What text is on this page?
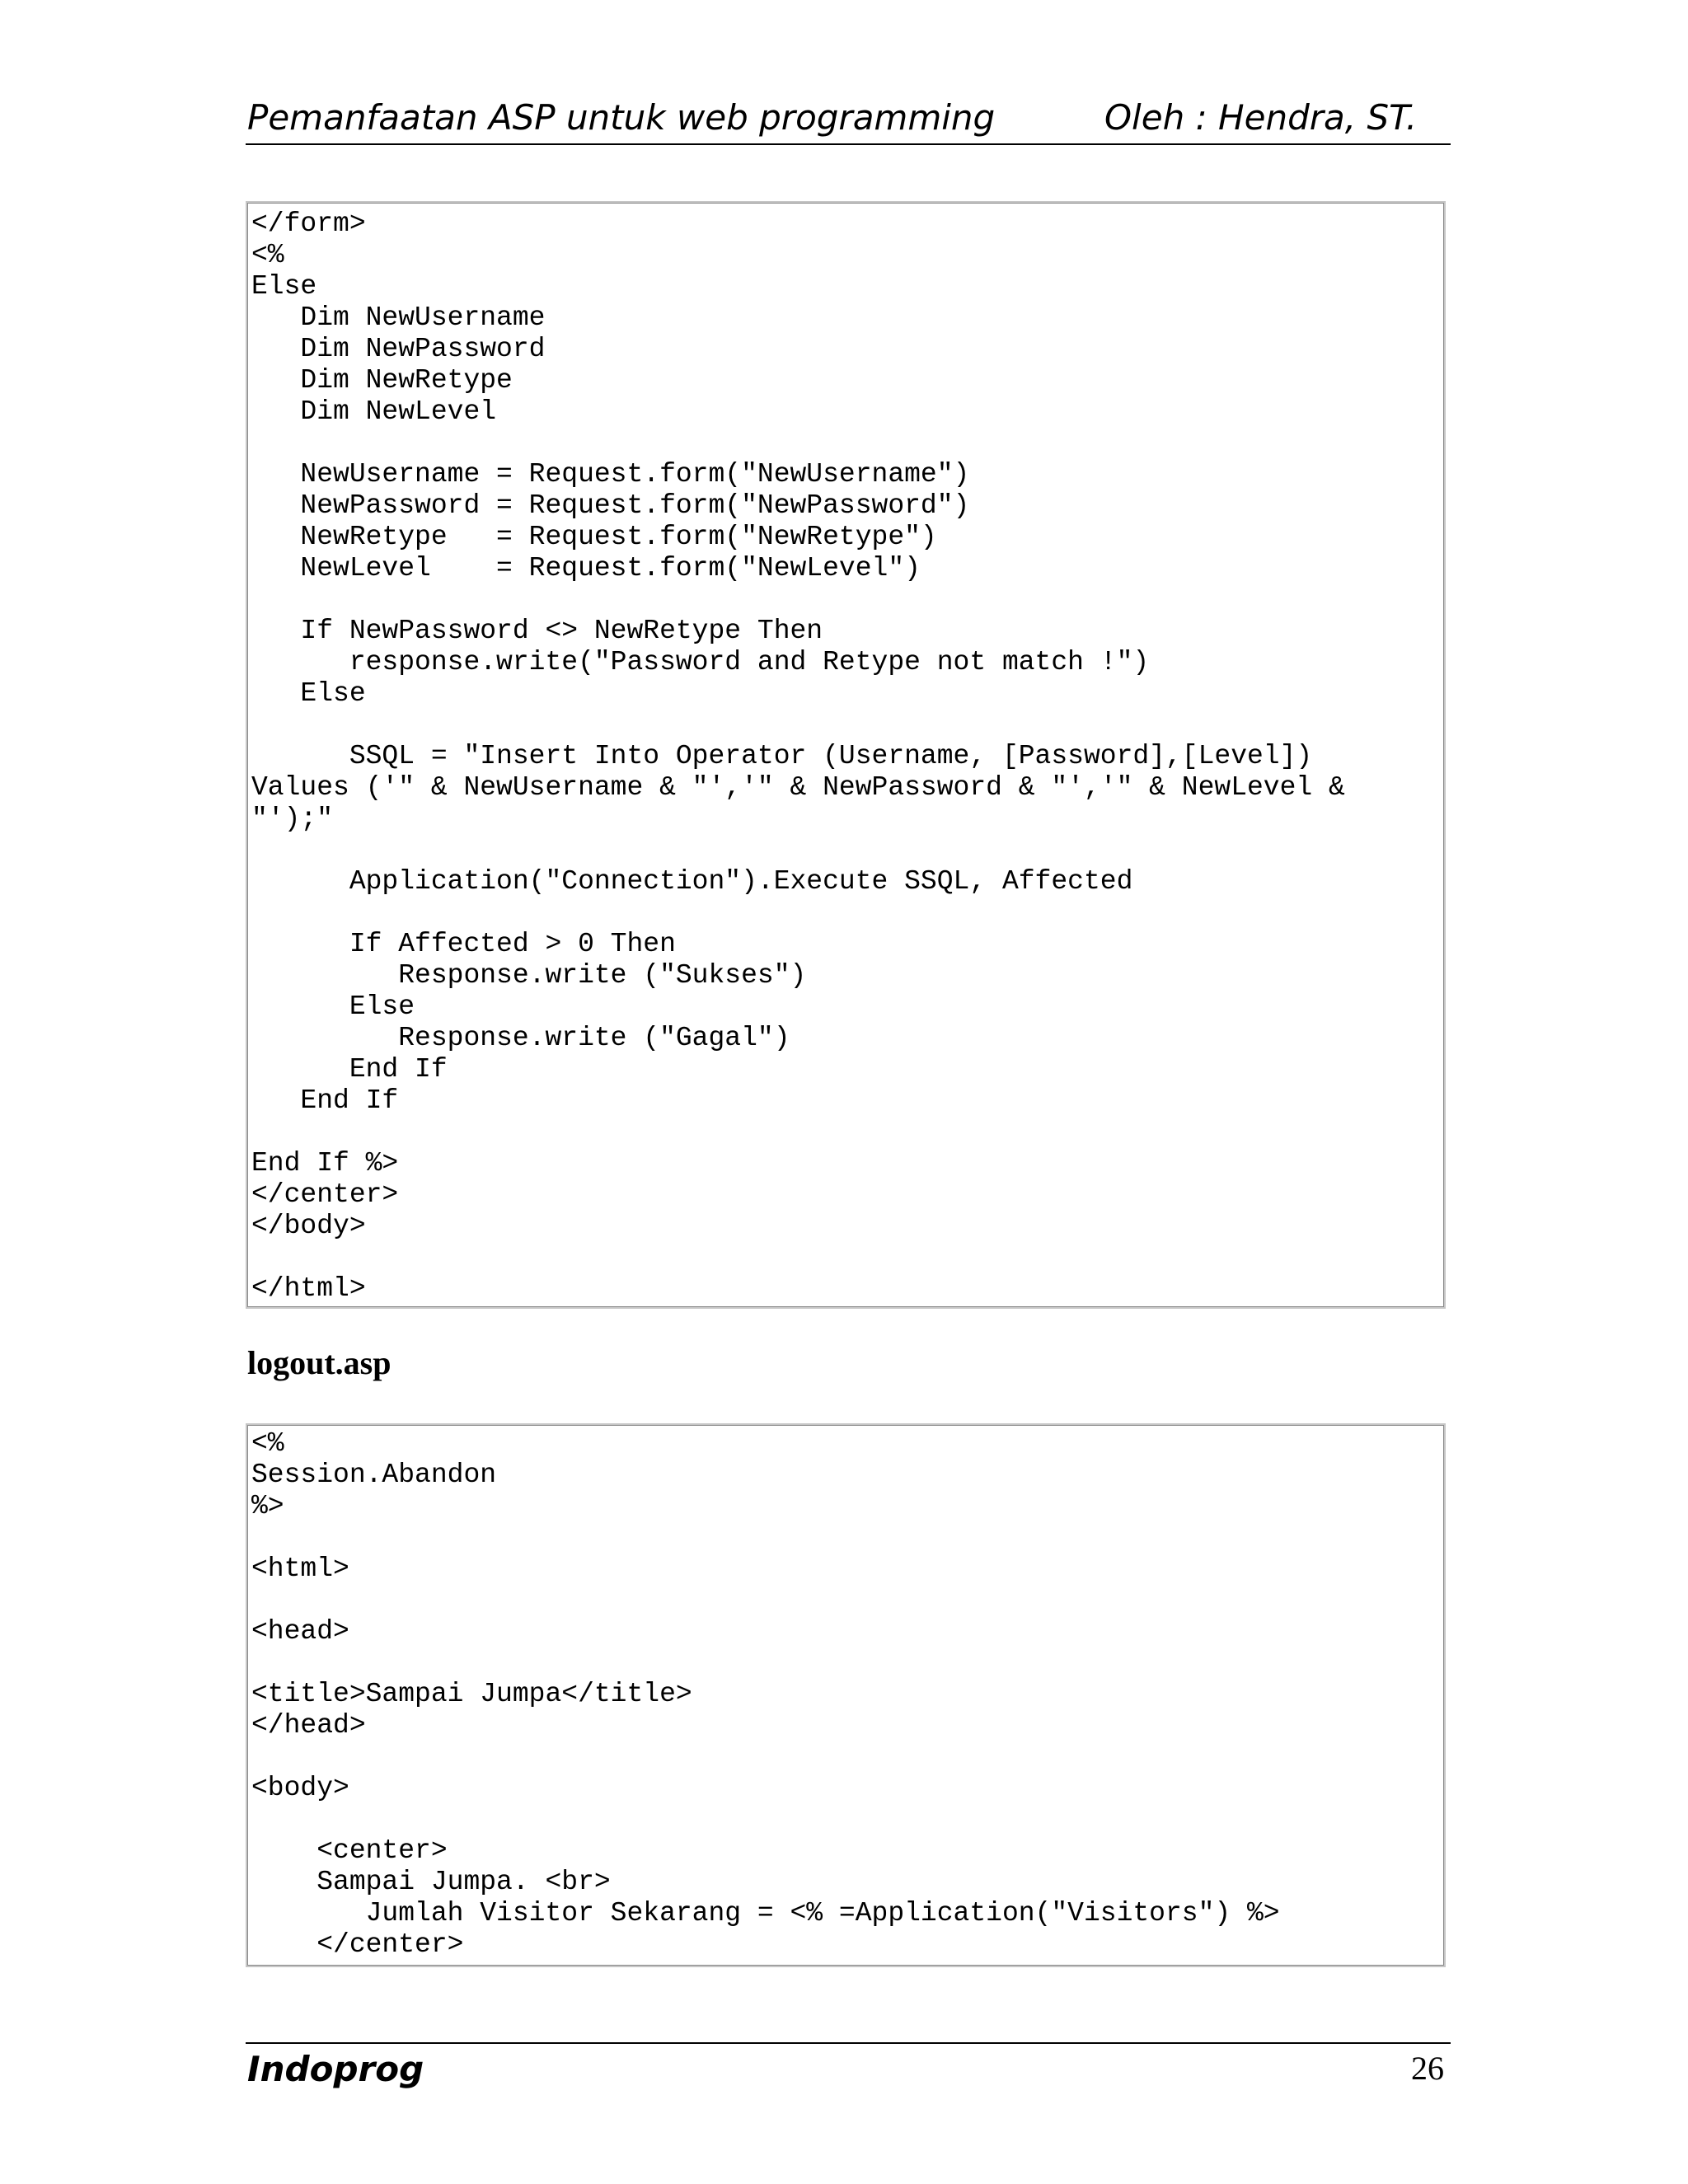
Pemanfaatan ASP untuk web programming	Oleh : Hendra, ST.
</form>
<%
Else
Dim NewUsername
Dim NewPassword
Dim NewRetype
Dim NewLevel

NewUsername = Request.form("NewUsername")
NewPassword = Request.form("NewPassword")
NewRetype   = Request.form("NewRetype")
NewLevel    = Request.form("NewLevel")

If NewPassword <> NewRetype Then
response.write("Password and Retype not match !")
Else

SSQL = "Insert Into Operator (Username, [Password],[Level])
Values ('" & NewUsername & "','" & NewPassword & "','" & NewLevel &
"');"

Application("Connection").Execute SSQL, Affected

If Affected > 0 Then
Response.write ("Sukses")
Else
Response.write ("Gagal")
End If
End If

End If %>
</center>
</body>

</html>
logout.asp
<%
Session.Abandon
%>

<html>

<head>

<title>Sampai Jumpa</title>
</head>

<body>

<center>
Sampai Jumpa. <br>
Jumlah Visitor Sekarang = <% =Application("Visitors") %>
</center>
Indoprog	26
